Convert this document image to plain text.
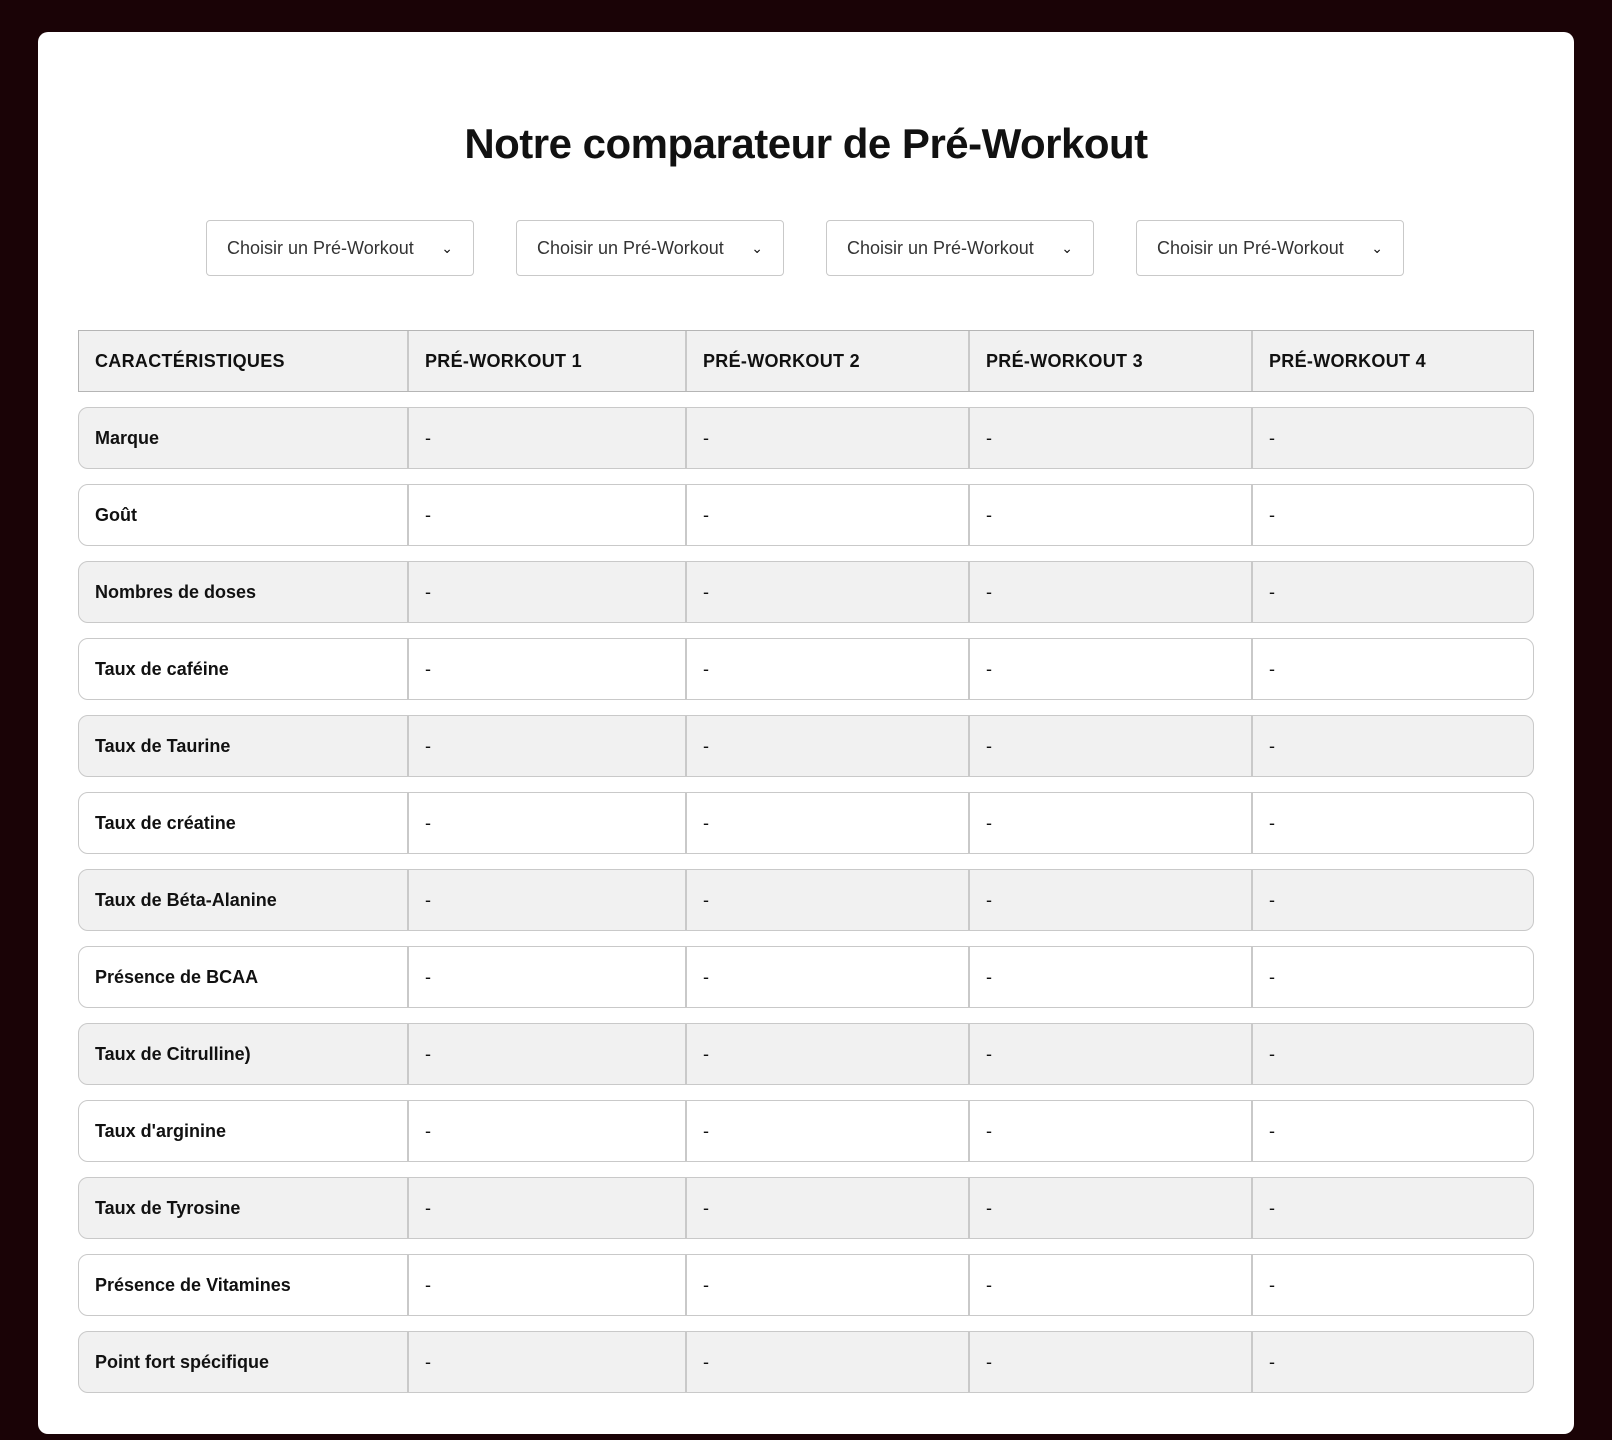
Notre comparateur de Pré-Workout
Choisir un Pré-Workout ⌄	Choisir un Pré-Workout ⌄	Choisir un Pré-Workout ⌄	Choisir un Pré-Workout ⌄
CARACTÉRISTIQUES	PRÉ-WORKOUT 1	PRÉ-WORKOUT 2	PRÉ-WORKOUT 3	PRÉ-WORKOUT 4
Marque	-	-	-	-
Goût	-	-	-	-
Nombres de doses	-	-	-	-
Taux de caféine	-	-	-	-
Taux de Taurine	-	-	-	-
Taux de créatine	-	-	-	-
Taux de Béta-Alanine	-	-	-	-
Présence de BCAA	-	-	-	-
Taux de Citrulline)	-	-	-	-
Taux d'arginine	-	-	-	-
Taux de Tyrosine	-	-	-	-
Présence de Vitamines	-	-	-	-
Point fort spécifique	-	-	-	-
